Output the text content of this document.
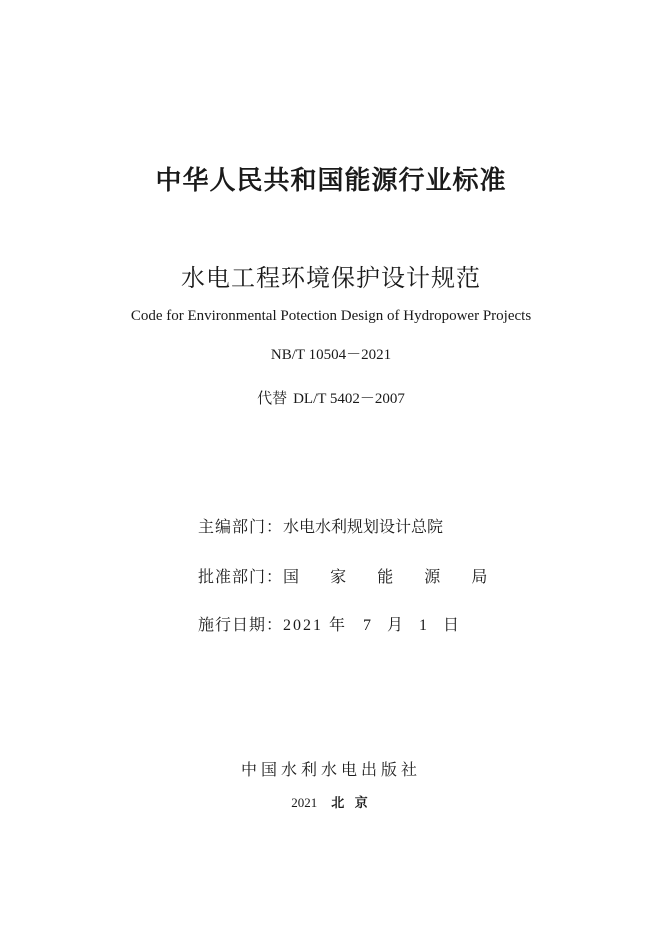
中华人民共和国能源行业标准
水电工程环境保护设计规范
Code for Environmental Potection Design of Hydropower Projects
NB/T 10504－2021
代替 DL/T 5402－2007
主编部门：水电水利规划设计总院
批准部门：国 家 能 源 局
施行日期：2021 年 7 月 1 日
中国水利水电出版社
2021 北 京
